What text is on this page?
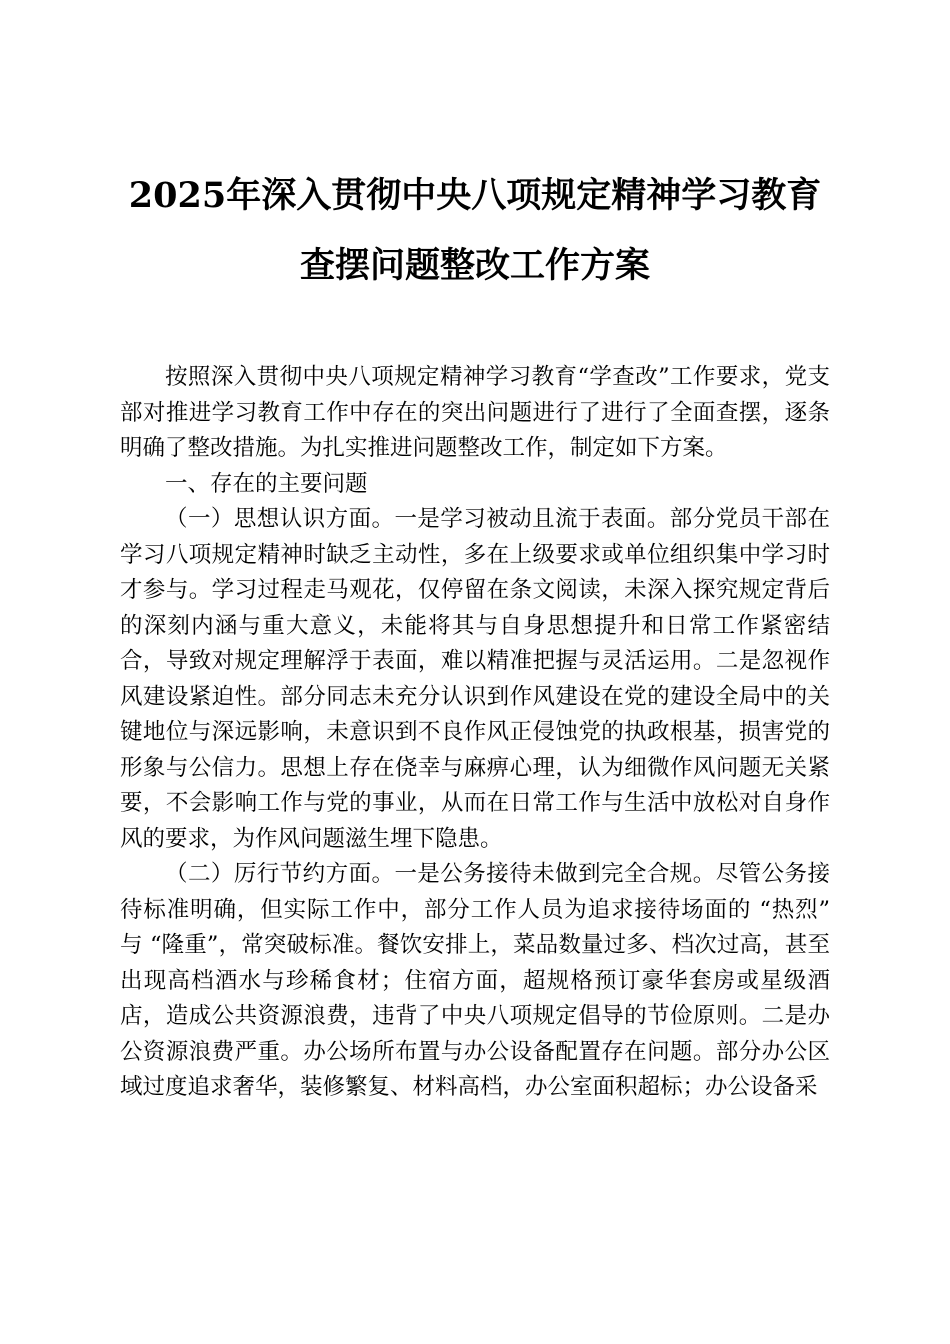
2025年深入贯彻中央八项规定精神学习教育
查摆问题整改工作方案

按照深入贯彻中央八项规定精神学习教育“学查改”工作要求，党支部对推进学习教育工作中存在的突出问题进行了进行了全面查摆，逐条明确了整改措施。为扎实推进问题整改工作，制定如下方案。

一、存在的主要问题

（一）思想认识方面。一是学习被动且流于表面。部分党员干部在学习八项规定精神时缺乏主动性，多在上级要求或单位组织集中学习时才参与。学习过程走马观花，仅停留在条文阅读，未深入探究规定背后的深刻内涵与重大意义，未能将其与自身思想提升和日常工作紧密结合，导致对规定理解浮于表面，难以精准把握与灵活运用。二是忽视作风建设紧迫性。部分同志未充分认识到作风建设在党的建设全局中的关键地位与深远影响，未意识到不良作风正侵蚀党的执政根基，损害党的形象与公信力。思想上存在侥幸与麻痹心理，认为细微作风问题无关紧要，不会影响工作与党的事业，从而在日常工作与生活中放松对自身作风的要求，为作风问题滋生埋下隐患。

（二）厉行节约方面。一是公务接待未做到完全合规。尽管公务接待标准明确，但实际工作中，部分工作人员为追求接待场面的 “热烈” 与 “隆重”，常突破标准。餐饮安排上，菜品数量过多、档次过高，甚至出现高档酒水与珍稀食材；住宿方面，超规格预订豪华套房或星级酒店，造成公共资源浪费，违背了中央八项规定倡导的节俭原则。二是办公资源浪费严重。办公场所布置与办公设备配置存在问题。部分办公区域过度追求奢华，装修繁复、材料高档，办公室面积超标；办公设备采
